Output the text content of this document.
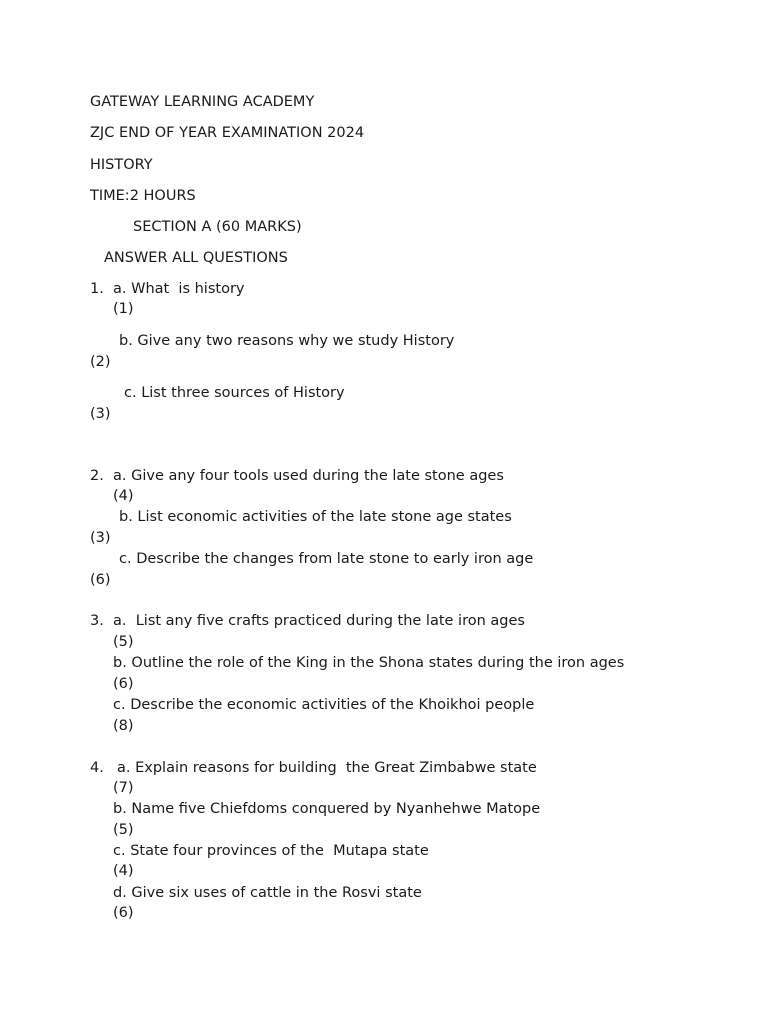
GATEWAY LEARNING ACADEMY
ZJC END OF YEAR EXAMINATION 2024
HISTORY
TIME:2 HOURS
SECTION A (60 MARKS)
ANSWER ALL QUESTIONS
1. a. What  is history
(1)
b. Give any two reasons why we study History
(2)
c. List three sources of History
(3)
2. a. Give any four tools used during the late stone ages
(4)
b. List economic activities of the late stone age states
(3)
c. Describe the changes from late stone to early iron age
(6)
3. a.  List any five crafts practiced during the late iron ages
(5)
b. Outline the role of the King in the Shona states during the iron ages
(6)
c. Describe the economic activities of the Khoikhoi people
(8)
4. a. Explain reasons for building  the Great Zimbabwe state
(7)
b. Name five Chiefdoms conquered by Nyanhehwe Matope
(5)
c. State four provinces of the  Mutapa state
(4)
d. Give six uses of cattle in the Rosvi state
(6)
